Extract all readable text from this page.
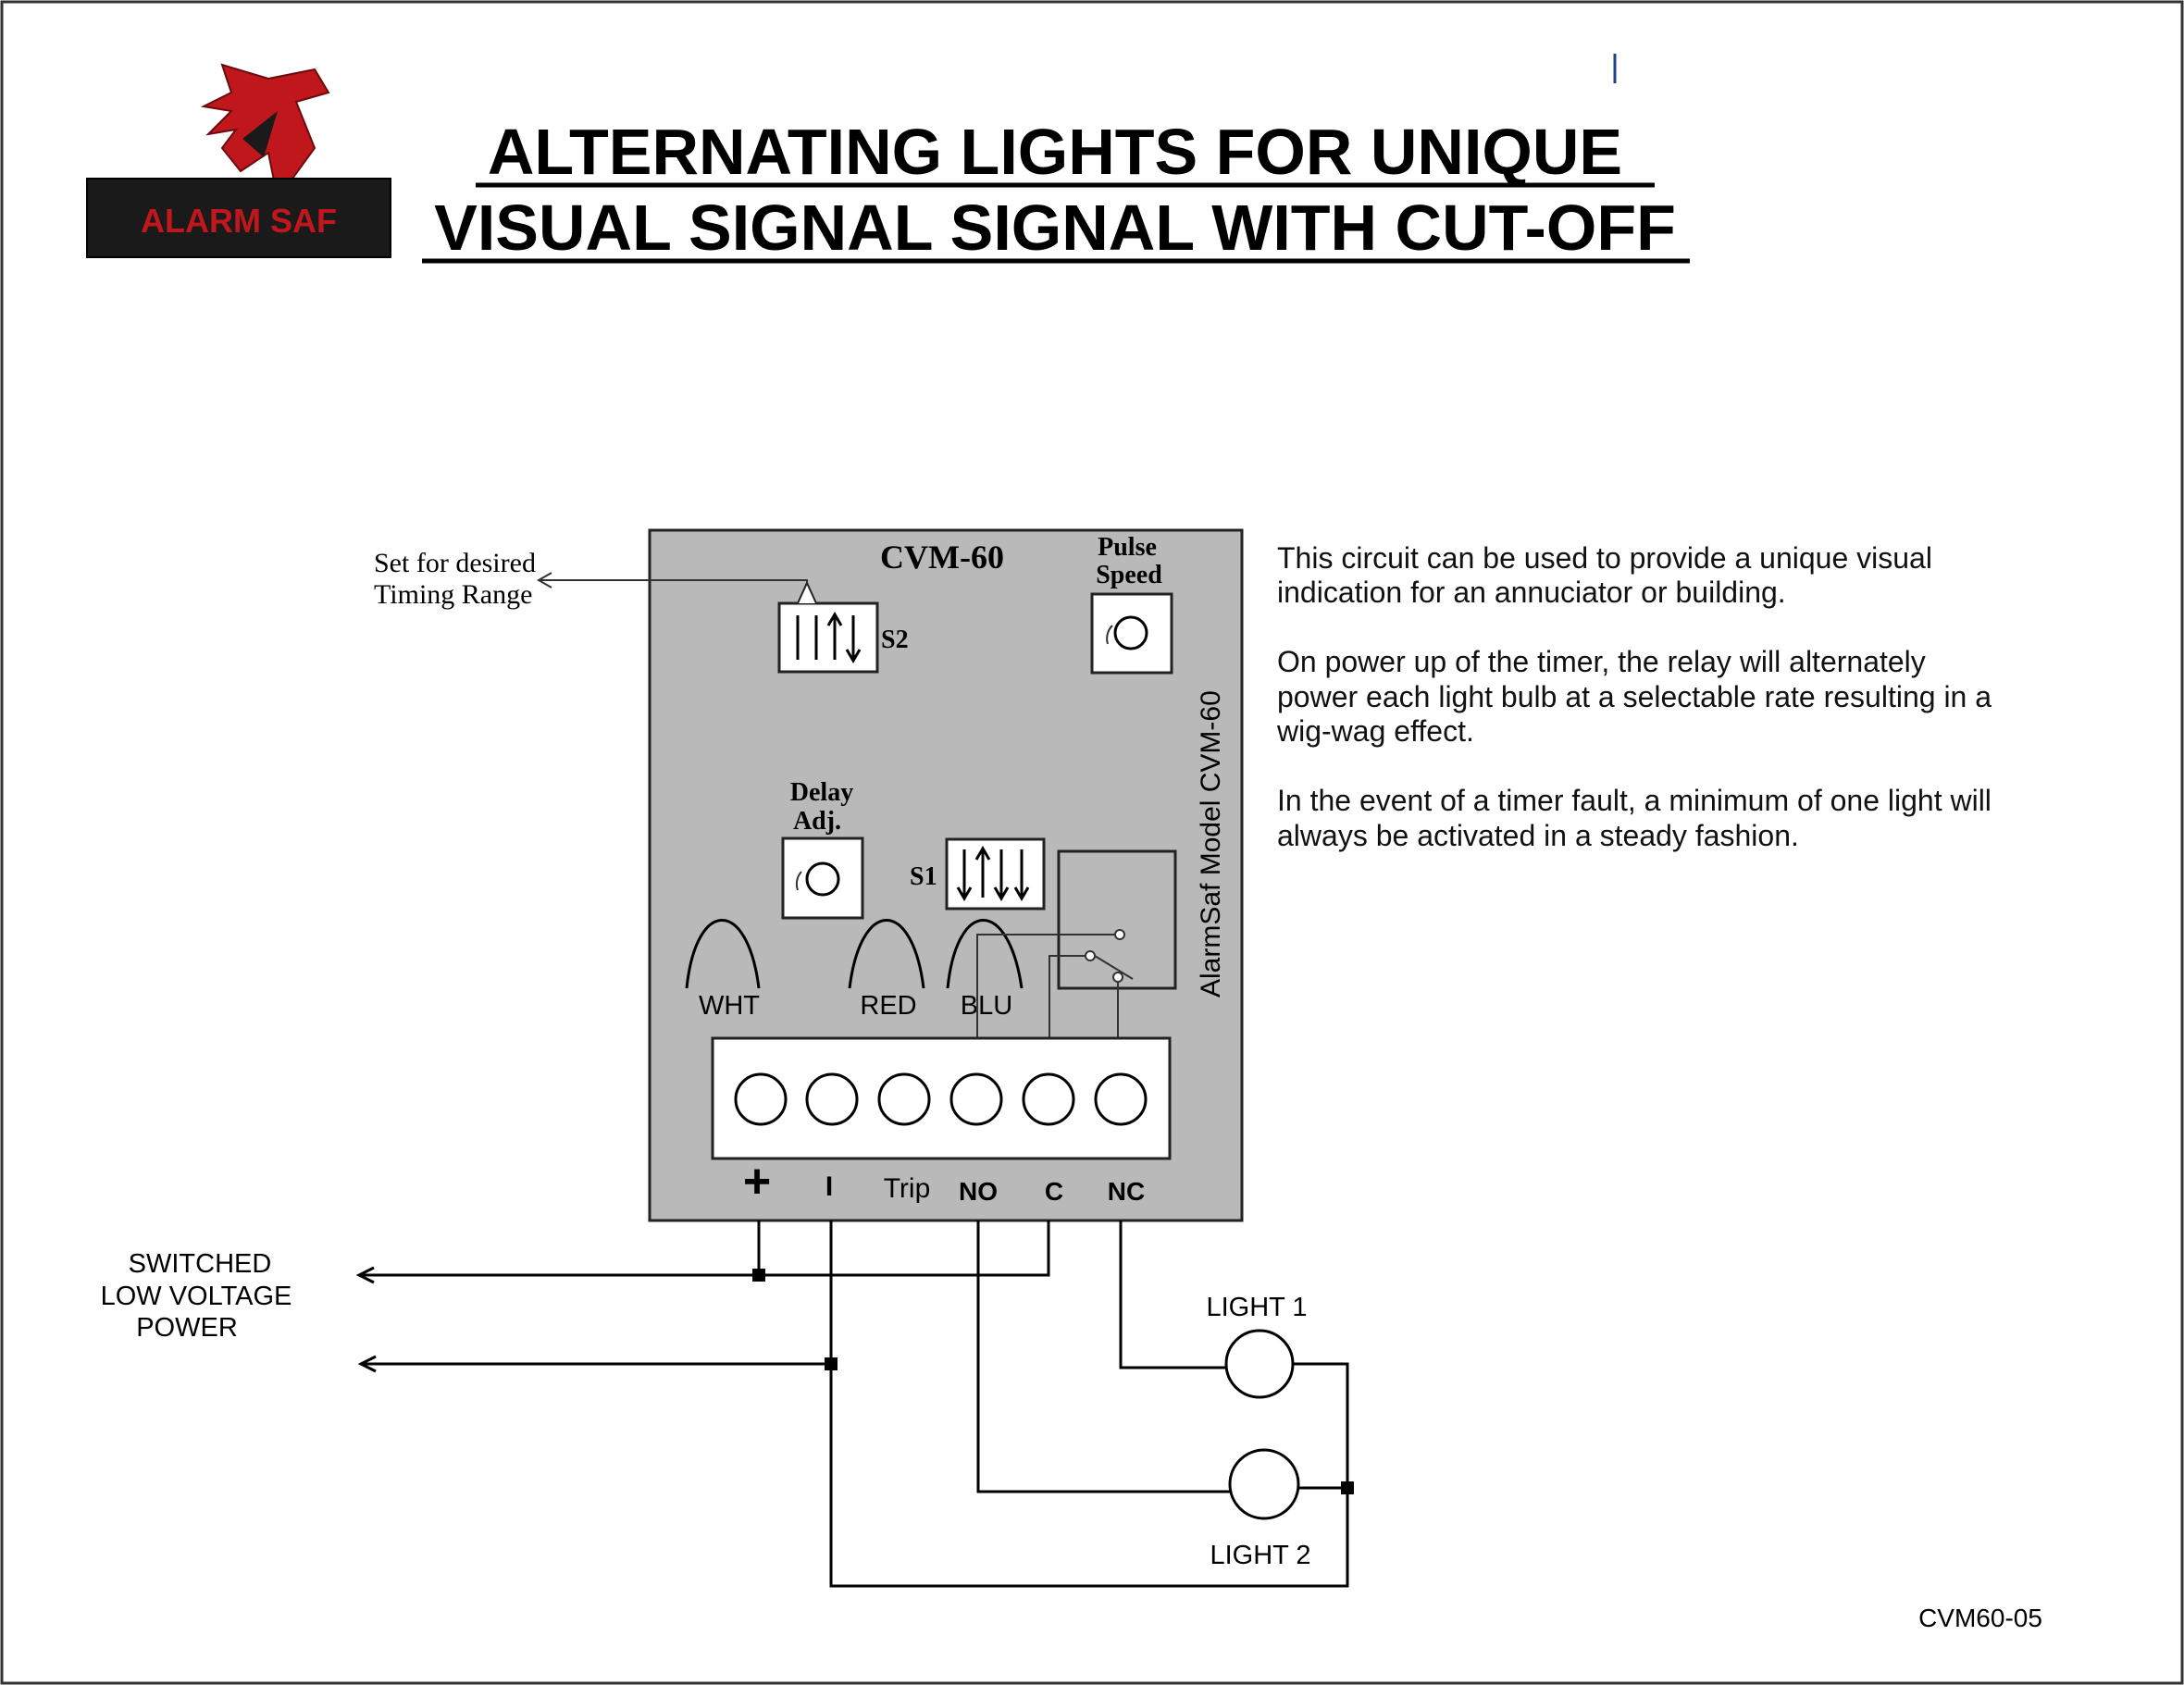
ALARM SAF
ALTERNATING LIGHTS FOR UNIQUE
VISUAL SIGNAL SIGNAL WITH CUT-OFF
CVM-60	Pulse
Speed
S2
Delay
Adj.
S1	AlarmSaf Model CVM-60
WHT	RED BLU
+ I Trip NO C NC
Set for desired
Timing Range
SWITCHED
LOW VOLTAGE
POWER
LIGHT 1
LIGHT 2
CVM60-05
This circuit can be used to provide a unique visual
indication for an annuciator or building.
On power up of the timer, the relay will alternately
power each light bulb at a selectable rate resulting in a
wig-wag effect.
In the event of a timer fault, a minimum of one light will
always be activated in a steady fashion.
